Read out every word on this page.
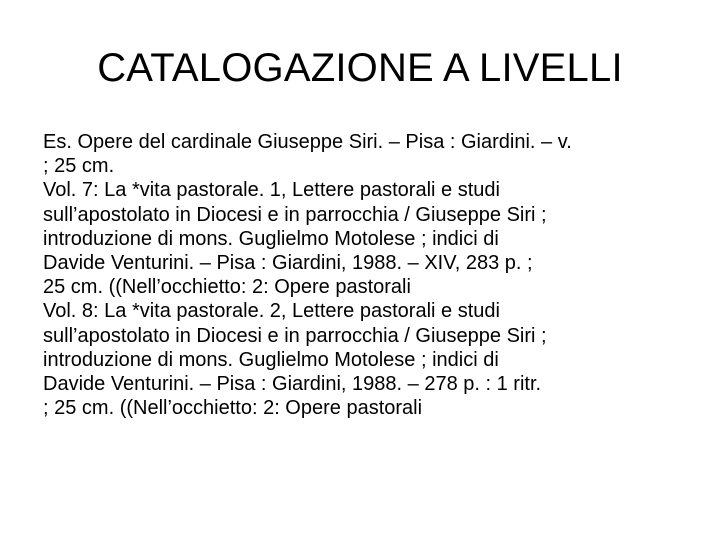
CATALOGAZIONE A LIVELLI

Es. Opere del cardinale Giuseppe Siri. – Pisa : Giardini. – v.
; 25 cm.

Vol. 7: La *vita pastorale. 1, Lettere pastorali e studi
sull’apostolato in Diocesi e in parrocchia / Giuseppe Siri ;
introduzione di mons. Guglielmo Motolese ; indici di
Davide Venturini. – Pisa : Giardini, 1988. – XIV, 283 p. ;
25 cm. ((Nell’occhietto: 2: Opere pastorali

Vol. 8: La *vita pastorale. 2, Lettere pastorali e studi
sull’apostolato in Diocesi e in parrocchia / Giuseppe Siri ;
introduzione di mons. Guglielmo Motolese ; indici di
Davide Venturini. – Pisa : Giardini, 1988. – 278 p. : 1 ritr.
; 25 cm. ((Nell’occhietto: 2: Opere pastorali
